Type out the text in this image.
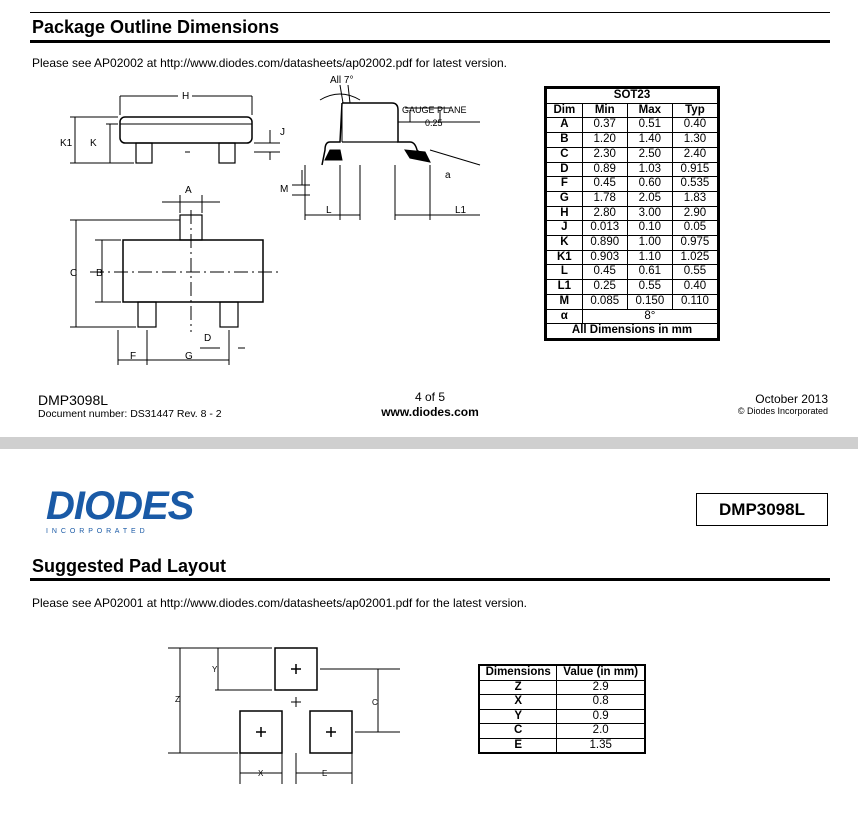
Package Outline Dimensions
Please see AP02002 at http://www.diodes.com/datasheets/ap02002.pdf for latest version.
H
K1 K
J
M
A
C B
D
F	G
L	L1
All 7°
GAUGE PLANE
0.25
a
SOT23			
Dim	Min	Max	Typ
A	0.37	0.51	0.40
B	1.20	1.40	1.30
C	2.30	2.50	2.40
D	0.89	1.03	0.915
F	0.45	0.60	0.535
G	1.78	2.05	1.83
H	2.80	3.00	2.90
J	0.013	0.10	0.05
K	0.890	1.00	0.975
K1	0.903	1.10	1.025
L	0.45	0.61	0.55
L1	0.25	0.55	0.40
M	0.085	0.150	0.110
α	8°		
All Dimensions in mm			
DMP3098L
Document number: DS31447 Rev. 8 - 2
4 of 5
www.diodes.com
October 2013
© Diodes Incorporated
DIODES
I N C O R P O R A T E D
DMP3098L
Suggested Pad Layout
Please see AP02001 at http://www.diodes.com/datasheets/ap02001.pdf for the latest version.
Y
Z	C
X	E
Dimensions	Value (in mm)
Z	2.9
X	0.8
Y	0.9
C	2.0
E	1.35
